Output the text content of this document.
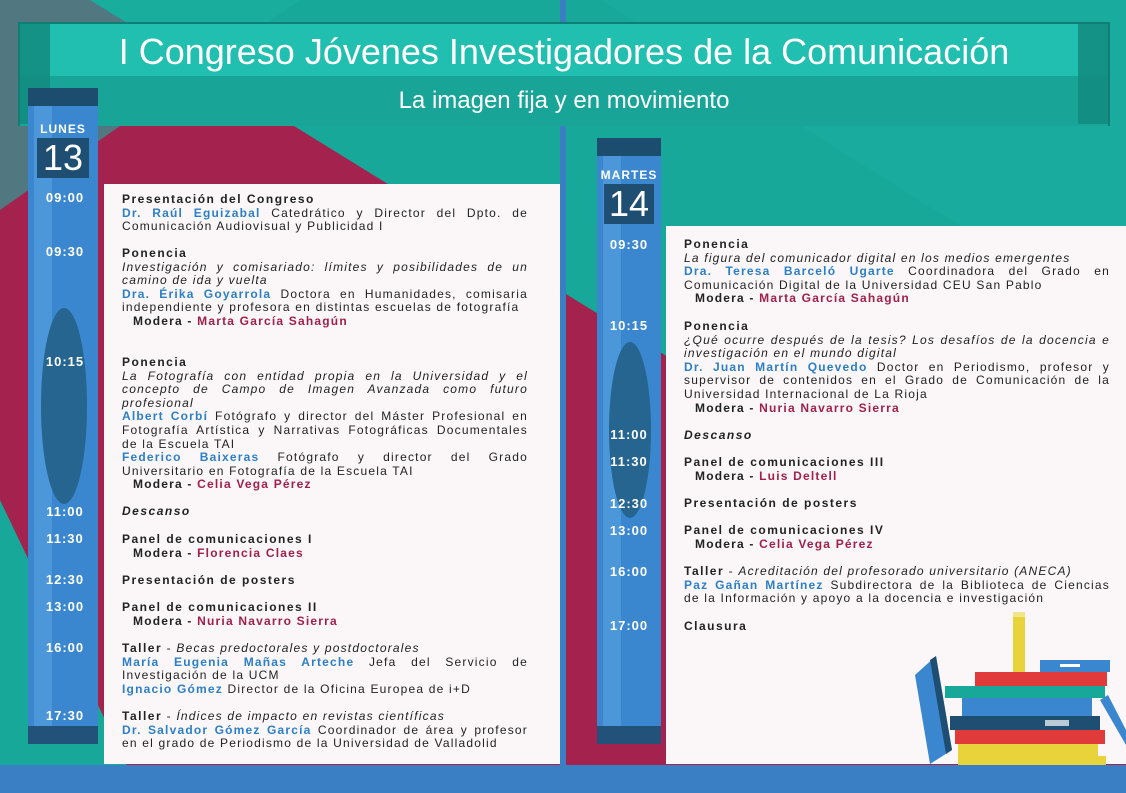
I Congreso Jóvenes Investigadores de la Comunicación
La imagen fija y en movimiento
LUNES
13
09:00
09:30
10:15
11:00
11:30
12:30
13:00
16:00
17:30

Presentación del Congreso

Dr. Raúl Eguizabal Catedrático y Director del Dpto. de Comunicación Audiovisual y Publicidad I

Ponencia

Investigación y comisariado: límites y posibilidades de un camino de ida y vuelta

Dra. Érika Goyarrola Doctora en Humanidades, comisaria independiente y profesora en distintas escuelas de fotografía

Modera - Marta García Sahagún

Ponencia

La Fotografía con entidad propia en la Universidad y el concepto de Campo de Imagen Avanzada como futuro profesional

Albert Corbí Fotógrafo y director del Máster Profesional en Fotografía Artística y Narrativas Fotográficas Documentales de la Escuela TAI

Federico Baixeras Fotógrafo y director del Grado Universitario en Fotografía de la Escuela TAI

Modera - Celia Vega Pérez

Descanso

Panel de comunicaciones I

Modera - Florencia Claes

Presentación de posters

Panel de comunicaciones II

Modera - Nuria Navarro Sierra

Taller - Becas predoctorales y postdoctorales

María Eugenia Mañas Arteche Jefa del Servicio de Investigación de la UCM

Ignacio Gómez Director de la Oficina Europea de i+D

Taller - Índices de impacto en revistas científicas

Dr. Salvador Gómez García Coordinador de área y profesor en el grado de Periodismo de la Universidad de Valladolid

MARTES
14
09:30
10:15
11:00
11:30
12:30
13:00
16:00
17:00

Ponencia

La figura del comunicador digital en los medios emergentes

Dra. Teresa Barceló Ugarte Coordinadora del Grado en Comunicación Digital de la Universidad CEU San Pablo

Modera - Marta García Sahagún

Ponencia

¿Qué ocurre después de la tesis? Los desafíos de la docencia e investigación en el mundo digital

Dr. Juan Martín Quevedo Doctor en Periodismo, profesor y supervisor de contenidos en el Grado de Comunicación de la Universidad Internacional de La Rioja

Modera - Nuria Navarro Sierra

Descanso

Panel de comunicaciones III

Modera - Luis Deltell

Presentación de posters

Panel de comunicaciones IV

Modera - Celia Vega Pérez

Taller - Acreditación del profesorado universitario (ANECA)

Paz Gañan Martínez Subdirectora de la Biblioteca de Ciencias de la Información y apoyo a la docencia e investigación

Clausura
